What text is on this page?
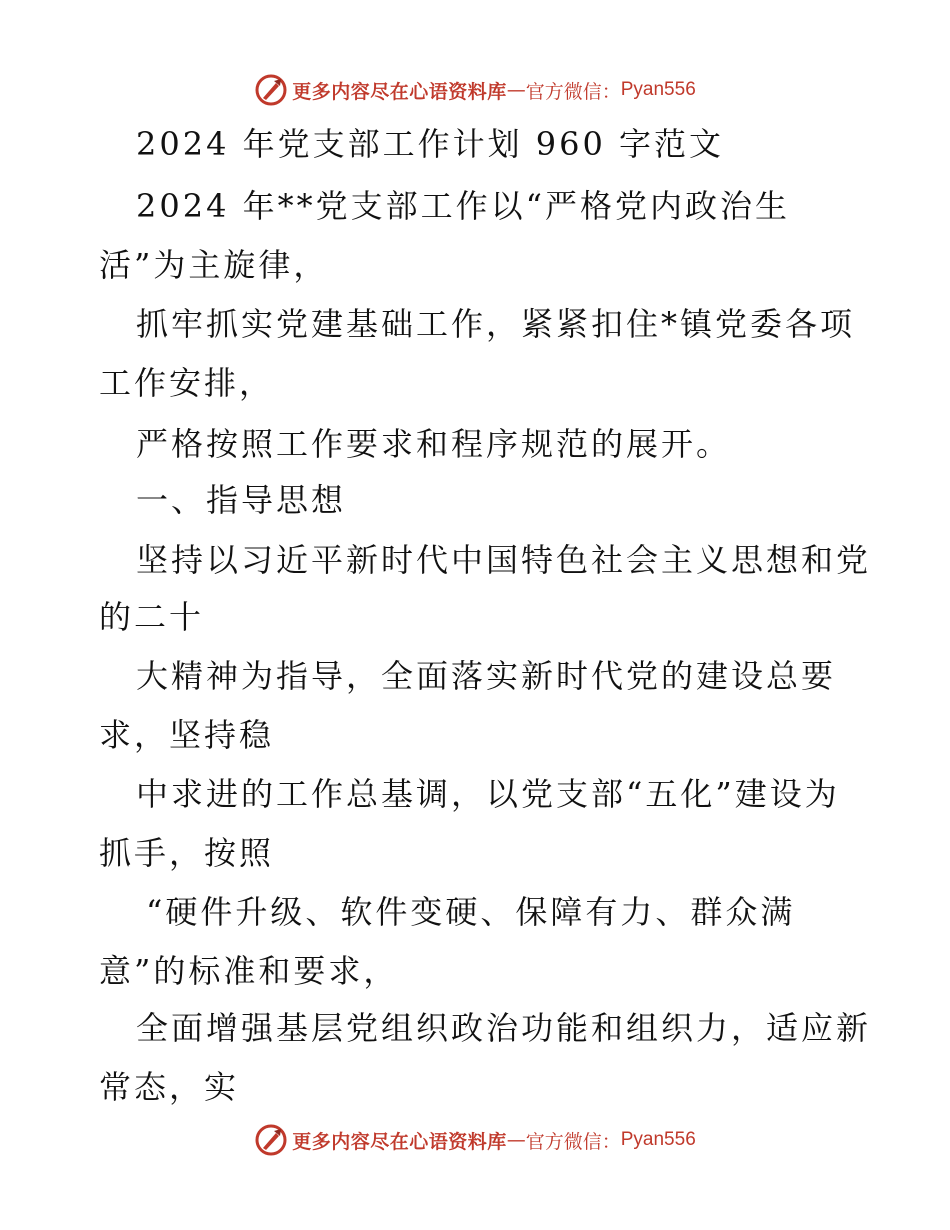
更多内容尽在心语资料库 — 官方微信： Pyan556
2024 年党支部工作计划 960 字范文
2024 年**党支部工作以“严格党内政治生
活”为主旋律，
抓牢抓实党建基础工作，紧紧扣住*镇党委各项
工作安排，
严格按照工作要求和程序规范的展开。
一、指导思想
坚持以习近平新时代中国特色社会主义思想和党
的二十
大精神为指导，全面落实新时代党的建设总要
求，坚持稳
中求进的工作总基调，以党支部“五化”建设为
抓手，按照
“硬件升级、软件变硬、保障有力、群众满
意”的标准和要求，
全面增强基层党组织政治功能和组织力，适应新
常态，实
更多内容尽在心语资料库 — 官方微信： Pyan556
